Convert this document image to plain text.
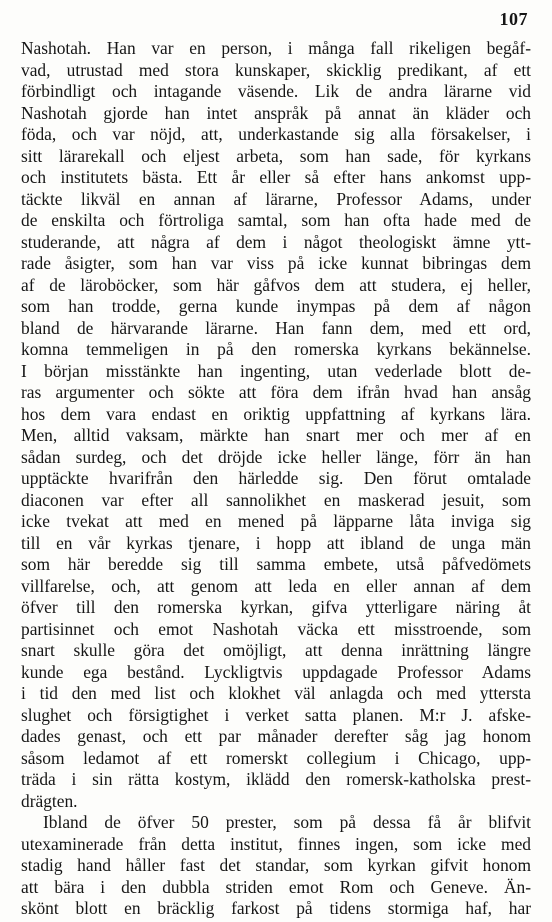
107
Nashotah. Han var en person, i många fall rikeligen begåf-
vad, utrustad med stora kunskaper, skicklig predikant, af ett
förbindligt och intagande väsende. Lik de andra lärarne vid
Nashotah gjorde han intet anspråk på annat än kläder och
föda, och var nöjd, att, underkastande sig alla försakelser, i
sitt lärarekall och eljest arbeta, som han sade, för kyrkans
och institutets bästa. Ett år eller så efter hans ankomst upp-
täckte likväl en annan af lärarne, Professor Adams, under
de enskilta och förtroliga samtal, som han ofta hade med de
studerande, att några af dem i något theologiskt ämne ytt-
rade åsigter, som han var viss på icke kunnat bibringas dem
af de läroböcker, som här gåfvos dem att studera, ej heller,
som han trodde, gerna kunde inympas på dem af någon
bland de härvarande lärarne. Han fann dem, med ett ord,
komna temmeligen in på den romerska kyrkans bekännelse.
I början misstänkte han ingenting, utan vederlade blott de-
ras argumenter och sökte att föra dem ifrån hvad han ansåg
hos dem vara endast en oriktig uppfattning af kyrkans lära.
Men, alltid vaksam, märkte han snart mer och mer af en
sådan surdeg, och det dröjde icke heller länge, förr än han
upptäckte hvarifrån den härledde sig. Den förut omtalade
diaconen var efter all sannolikhet en maskerad jesuit, som
icke tvekat att med en mened på läpparne låta inviga sig
till en vår kyrkas tjenare, i hopp att ibland de unga män
som här beredde sig till samma embete, utså påfvedömets
villfarelse, och, att genom att leda en eller annan af dem
öfver till den romerska kyrkan, gifva ytterligare näring åt
partisinnet och emot Nashotah väcka ett misstroende, som
snart skulle göra det omöjligt, att denna inrättning längre
kunde ega bestånd. Lyckligtvis uppdagade Professor Adams
i tid den med list och klokhet väl anlagda och med yttersta
slughet och försigtighet i verket satta planen. M:r J. afske-
dades genast, och ett par månader derefter såg jag honom
såsom ledamot af ett romerskt collegium i Chicago, upp-
träda i sin rätta kostym, iklädd den romersk-katholska prest-
drägten.
Ibland de öfver 50 prester, som på dessa få år blifvit
utexaminerade från detta institut, finnes ingen, som icke med
stadig hand håller fast det standar, som kyrkan gifvit honom
att bära i den dubbla striden emot Rom och Geneve. Än-
skönt blott en bräcklig farkost på tidens stormiga haf, har
